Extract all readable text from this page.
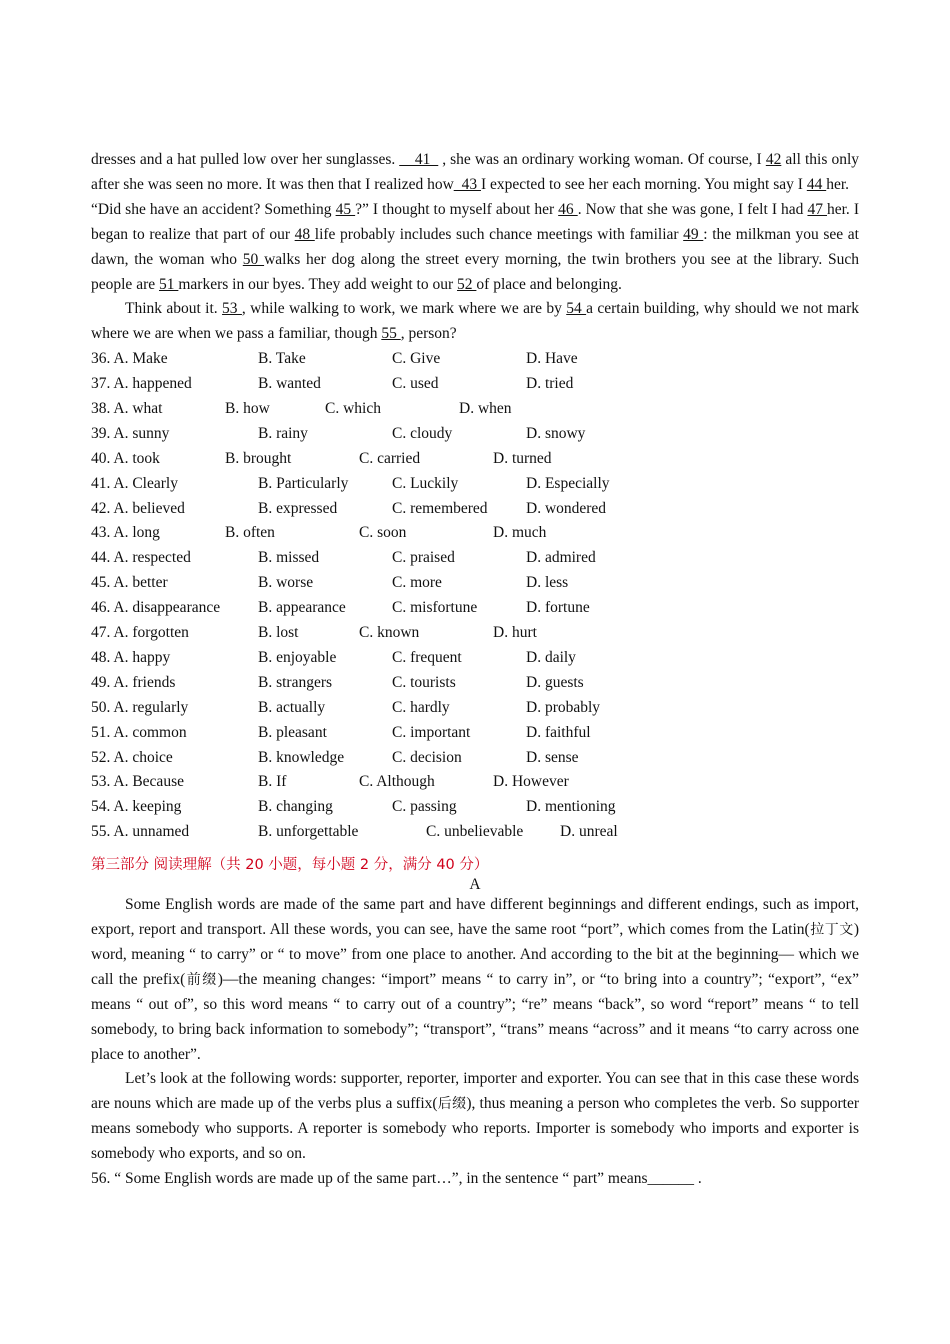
dresses and a hat pulled low over her sunglasses. __41_ , she was an ordinary working woman. Of course, I 42 all this only after she was seen no more. It was then that I realized how_43 I expected to see her each morning. You might say I 44 her.

“Did she have an accident? Something 45 ?” I thought to myself about her 46 . Now that she was gone, I felt I had 47 her. I began to realize that part of our 48 life probably includes such chance meetings with familiar 49 : the milkman you see at dawn, the woman who 50 walks her dog along the street every morning, the twin brothers you see at the library. Such people are 51 markers in our byes. They add weight to our 52 of place and belonging.

Think about it. 53 , while walking to work, we mark where we are by 54 a certain building, why should we not mark where we are when we pass a familiar, though 55 , person?

36. A. Make	B. Take	C. Give	D. Have
37. A. happened	B. wanted	C. used	D. tried
38. A. what	B. how	C. which	D. when
39. A. sunny	B. rainy	C. cloudy	D. snowy
40. A. took	B. brought	C. carried	D. turned
41. A. Clearly	B. Particularly	C. Luckily	D. Especially
42. A. believed	B. expressed	C. remembered D. wondered
43. A. long	B. often	C. soon	D. much
44. A. respected	B. missed	C. praised	D. admired
45. A. better	B. worse	C. more	D. less
46. A. disappearance B. appearance	C. misfortune	D. fortune
47. A. forgotten	B. lost	C. known	D. hurt
48. A. happy	B. enjoyable	C. frequent	D. daily
49. A. friends	B. strangers	C. tourists	D. guests
50. A. regularly	B. actually	C. hardly	D. probably
51. A. common	B. pleasant	C. important	D. faithful
52. A. choice	B. knowledge	C. decision	D. sense
53. A. Because	B. If	C. Although	D. However
54. A. keeping	B. changing	C. passing	D. mentioning
55. A. unnamed	B. unforgettable	C. unbelievable D. unreal
第三部分 阅读理解（共 20 小题，每小题 2 分，满分 40 分）
A

Some English words are made of the same part and have different beginnings and different endings, such as import, export, report and transport. All these words, you can see, have the same root “port”, which comes from the Latin(拉丁文) word, meaning “ to carry” or “ to move” from one place to another. And according to the bit at the beginning— which we call the prefix(前缀)—the meaning changes: “import” means “ to carry in”, or “to bring into a country”; “export”, “ex” means “ out of”, so this word means “ to carry out of a country”; “re” means “back”, so word “report” means “ to tell somebody, to bring back information to somebody”; “transport”, “trans” means “across” and it means “to carry across one place to another”.

Let’s look at the following words: supporter, reporter, importer and exporter. You can see that in this case these words are nouns which are made up of the verbs plus a suffix(后缀), thus meaning a person who completes the verb. So supporter means somebody who supports. A reporter is somebody who reports. Importer is somebody who imports and exporter is somebody who exports, and so on.

56. “ Some English words are made up of the same part…”, in the sentence “ part” means______ .
